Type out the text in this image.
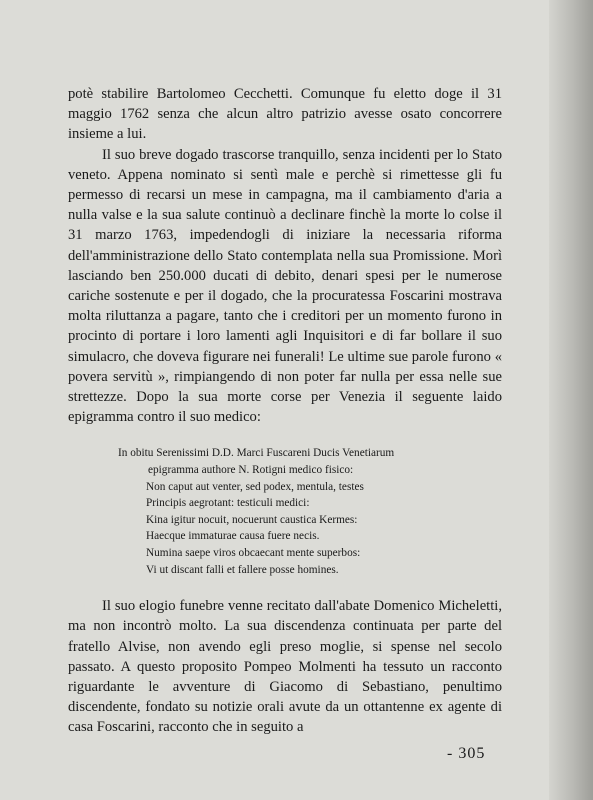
potè stabilire Bartolomeo Cecchetti. Comunque fu eletto doge il 31 maggio 1762 senza che alcun altro patrizio avesse osato concorrere insieme a lui.

Il suo breve dogado trascorse tranquillo, senza incidenti per lo Stato veneto. Appena nominato si sentì male e perchè si rimettesse gli fu permesso di recarsi un mese in campagna, ma il cambiamento d'aria a nulla valse e la sua salute continuò a declinare finchè la morte lo colse il 31 marzo 1763, impedendogli di iniziare la necessaria riforma dell'amministrazione dello Stato contemplata nella sua Promissione. Morì lasciando ben 250.000 ducati di debito, denari spesi per le numerose cariche sostenute e per il dogado, che la procuratessa Foscarini mostrava molta riluttanza a pagare, tanto che i creditori per un momento furono in procinto di portare i loro lamenti agli Inquisitori e di far bollare il suo simulacro, che doveva figurare nei funerali! Le ultime sue parole furono « povera servitù », rimpiangendo di non poter far nulla per essa nelle sue strettezze. Dopo la sua morte corse per Venezia il seguente laido epigramma contro il suo medico:

In obitu Serenissimi D.D. Marci Fuscareni Ducis Venetiarum
epigramma authore N. Rotigni medico fisico:
Non caput aut venter, sed podex, mentula, testes
Principis aegrotant: testiculi medici:
Kina igitur nocuit, nocuerunt caustica Kermes:
Haecque immaturae causa fuere necis.
Numina saepe viros obcaecant mente superbos:
Vi ut discant falli et fallere posse homines.

Il suo elogio funebre venne recitato dall'abate Domenico Micheletti, ma non incontrò molto. La sua discendenza continuata per parte del fratello Alvise, non avendo egli preso moglie, si spense nel secolo passato. A questo proposito Pompeo Molmenti ha tessuto un racconto riguardante le avventure di Giacomo di Sebastiano, penultimo discendente, fondato su notizie orali avute da un ottantenne ex agente di casa Foscarini, racconto che in seguito a

- 305
